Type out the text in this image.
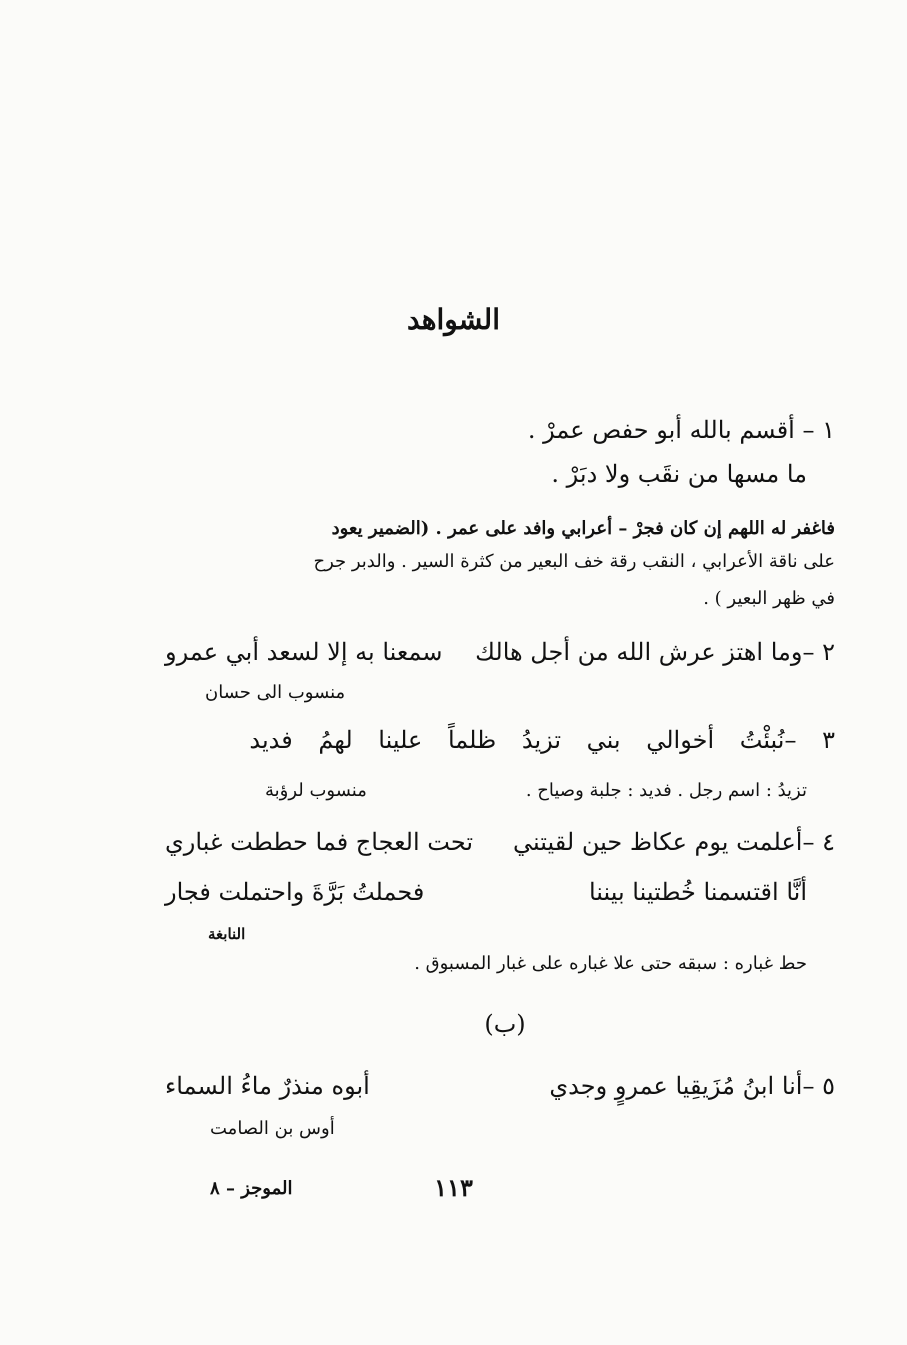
الشواهد
١ – أقسم بالله أبو حفص عمرْ .
ما مسها من نقَب ولا دبَرْ .
فاغفر له اللهم إن كان فجرْ – أعرابي وافد على عمر . (الضمير يعود
على ناقة الأعرابي ، النقب رقة خف البعير من كثرة السير . والدبر جرح
في ظهر البعير ) .
٢ –وما اهتز عرش الله من أجل هالك
سمعنا به إلا لسعد أبي عمرو
منسوب الى حسان
٣ –نُبئْتُ أخوالي بني تزيدُ ظلماً علينا لهمُ فديد
تزيدُ : اسم رجل . فديد : جلبة وصياح .
منسوب لرؤبة
٤ –أعلمت يوم عكاظ حين لقيتني
تحت العجاج فما حططت غباري
أنَّا اقتسمنا خُطتينا بيننا
فحملتُ بَرَّةَ واحتملت فجار
النابغة
حط غباره : سبقه حتى علا غباره على غبار المسبوق .
(ب)
٥ –أنا ابنُ مُزَيقِيا عمروٍ وجدي
أبوه منذرٌ ماءُ السماء
أوس بن الصامت
١١٣
الموجز – ٨
